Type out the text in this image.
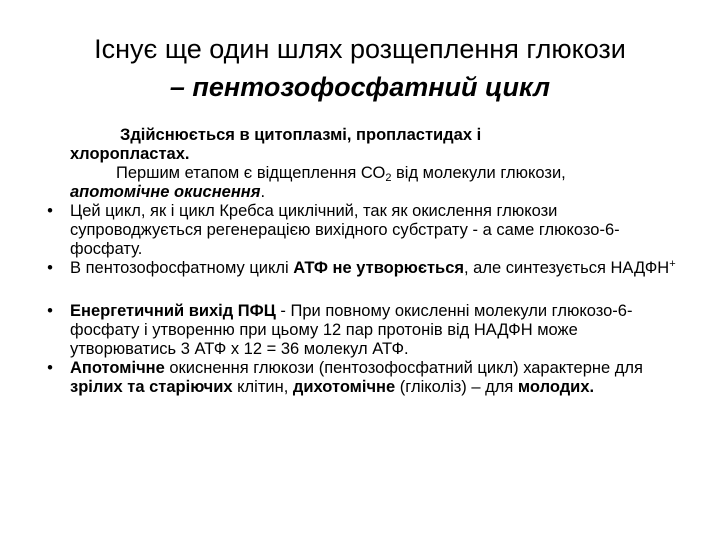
Існує ще один шлях розщеплення глюкози
– пентозофосфатний цикл
Здійснюється в цитоплазмі, пропластидах і
хлоропластах.
Першим етапом є відщеплення $СО_2$ від молекули глюкози,
апотомічне окиснення.
•	Цей цикл, як і цикл Кребса циклічний, так як окислення глюкози супроводжується регенерацією вихідного субстрату - а саме глюкозо-6-фосфату.
•	В пентозофосфатному циклі АТФ не утворюється, але синтезується НАДФН+
•	Енергетичний вихід ПФЦ - При повному окисленні молекули глюкозо-6-фосфату і утворенню при цьому 12 пар протонів від НАДФН може утворюватись 3 АТФ х 12 = 36 молекул АТФ.
•	Апотомічне окиснення глюкози (пентозофосфатний цикл) характерне для зрілих та старіючих клітин, дихотомічне (гліколіз) – для молодих.
